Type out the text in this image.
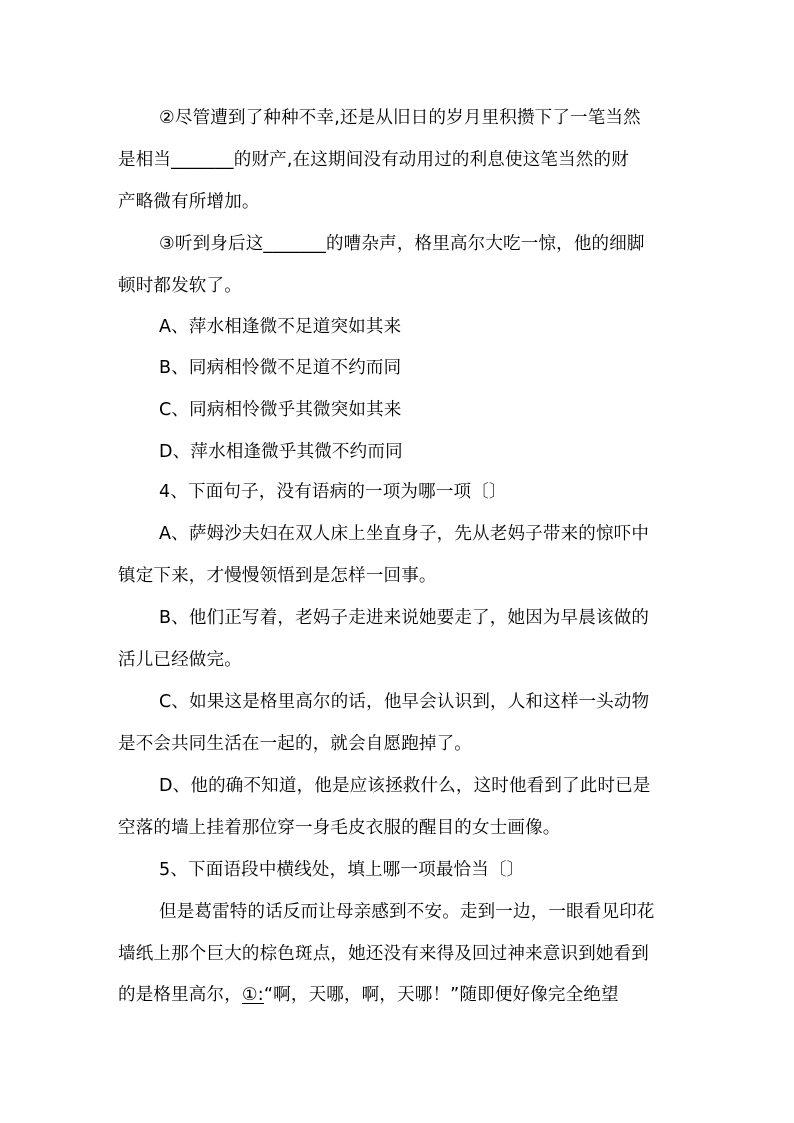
②尽管遭到了种种不幸,还是从旧日的岁月里积攒下了一笔当然
是相当_______的财产,在这期间没有动用过的利息使这笔当然的财
产略微有所增加。
③听到身后这_______的嘈杂声，格里高尔大吃一惊，他的细脚
顿时都发软了。
A、萍水相逢微不足道突如其来
B、同病相怜微不足道不约而同
C、同病相怜微乎其微突如其来
D、萍水相逢微乎其微不约而同
4、下面句子，没有语病的一项为哪一项〔〕
A、萨姆沙夫妇在双人床上坐直身子，先从老妈子带来的惊吓中
镇定下来，才慢慢领悟到是怎样一回事。
B、他们正写着，老妈子走进来说她要走了，她因为早晨该做的
活儿已经做完。
C、如果这是格里高尔的话，他早会认识到，人和这样一头动物
是不会共同生活在一起的，就会自愿跑掉了。
D、他的确不知道，他是应该拯救什么，这时他看到了此时已是
空落的墙上挂着那位穿一身毛皮衣服的醒目的女士画像。
5、下面语段中横线处，填上哪一项最恰当〔〕
但是葛雷特的话反而让母亲感到不安。走到一边，一眼看见印花
墙纸上那个巨大的棕色斑点，她还没有来得及回过神来意识到她看到
的是格里高尔，①:“啊，天哪，啊，天哪！”随即便好像完全绝望
